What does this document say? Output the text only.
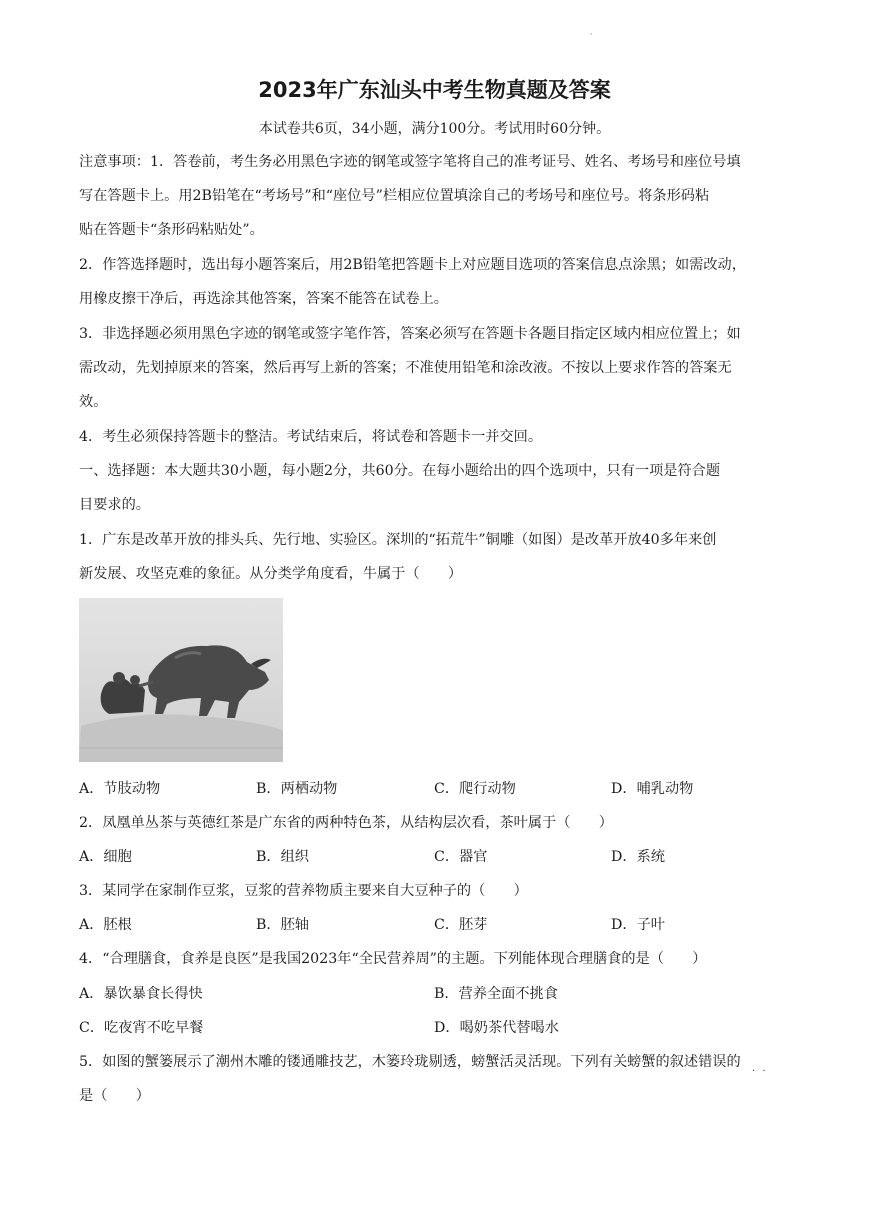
·
2023年广东汕头中考生物真题及答案
本试卷共6页，34小题，满分100分。考试用时60分钟。
注意事项：1．答卷前，考生务必用黑色字迹的钢笔或签字笔将自己的准考证号、姓名、考场号和座位号填
写在答题卡上。用2B铅笔在“考场号”和“座位号”栏相应位置填涂自己的考场号和座位号。将条形码粘
贴在答题卡“条形码粘贴处”。
2．作答选择题时，选出每小题答案后，用2B铅笔把答题卡上对应题目选项的答案信息点涂黑；如需改动，
用橡皮擦干净后，再选涂其他答案，答案不能答在试卷上。
3．非选择题必须用黑色字迹的钢笔或签字笔作答，答案必须写在答题卡各题目指定区域内相应位置上；如
需改动，先划掉原来的答案，然后再写上新的答案；不准使用铅笔和涂改液。不按以上要求作答的答案无
效。
4．考生必须保持答题卡的整洁。考试结束后，将试卷和答题卡一并交回。
一、选择题：本大题共30小题，每小题2分，共60分。在每小题给出的四个选项中，只有一项是符合题
目要求的。
1．广东是改革开放的排头兵、先行地、实验区。深圳的“拓荒牛”铜雕（如图）是改革开放40多年来创
新发展、攻坚克难的象征。从分类学角度看，牛属于（　　）
A．节肢动物	B．两栖动物	C．爬行动物	D．哺乳动物
2．凤凰单丛茶与英德红茶是广东省的两种特色茶，从结构层次看，茶叶属于（　　）
A．细胞	B．组织	C．器官	D．系统
3．某同学在家制作豆浆，豆浆的营养物质主要来自大豆种子的（　　）
A．胚根	B．胚轴	C．胚芽	D．子叶
4．“合理膳食，食养是良医”是我国2023年“全民营养周”的主题。下列能体现合理膳食的是（　　）
A．暴饮暴食长得快	B．营养全面不挑食
C．吃夜宵不吃早餐	D．喝奶茶代替喝水
5．如图的蟹篓展示了潮州木雕的镂通雕技艺，木篓玲珑剔透，螃蟹活灵活现。下列有关螃蟹的叙述错误的
· ·
是（　　）
